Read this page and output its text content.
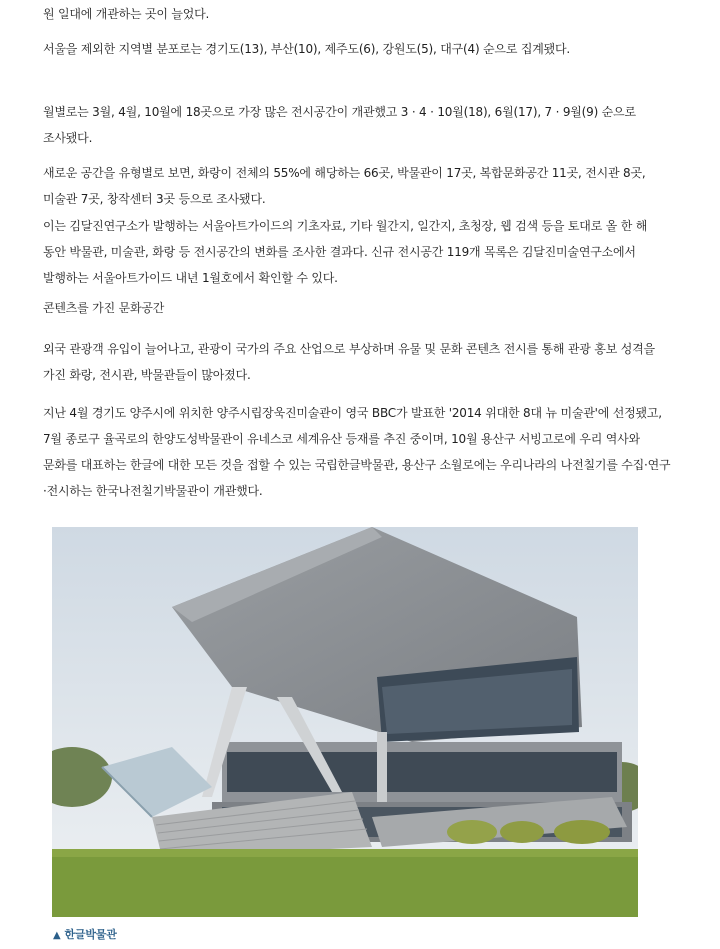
원 일대에 개관하는 곳이 늘었다.

서울을 제외한 지역별 분포로는 경기도(13), 부산(10), 제주도(6), 강원도(5), 대구(4) 순으로 집계됐다.

월별로는 3월, 4월, 10월에 18곳으로 가장 많은 전시공간이 개관했고 3 · 4 · 10월(18), 6월(17), 7 · 9월(9) 순으로 조사됐다.

새로운 공간을 유형별로 보면, 화랑이 전체의 55%에 해당하는 66곳, 박물관이 17곳, 복합문화공간 11곳, 전시관 8곳, 미술관 7곳, 창작센터 3곳 등으로 조사됐다.

이는 김달진연구소가 발행하는 서울아트가이드의 기초자료, 기타 월간지, 일간지, 초청장, 웹 검색 등을 토대로 올 한 해 동안 박물관, 미술관, 화랑 등 전시공간의 변화를 조사한 결과다. 신규 전시공간 119개 목록은 김달진미술연구소에서 발행하는 서울아트가이드 내년 1월호에서 확인할 수 있다.

콘텐츠를 가진 문화공간

외국 관광객 유입이 늘어나고, 관광이 국가의 주요 산업으로 부상하며 유물 및 문화 콘텐츠 전시를 통해 관광 홍보 성격을 가진 화랑, 전시관, 박물관들이 많아졌다.

지난 4월 경기도 양주시에 위치한 양주시립장욱진미술관이 영국 BBC가 발표한 '2014 위대한 8대 뉴 미술관'에 선정됐고, 7월 종로구 율곡로의 한양도성박물관이 유네스코 세계유산 등재를 추진 중이며, 10월 용산구 서빙고로에 우리 역사와 문화를 대표하는 한글에 대한 모든 것을 접할 수 있는 국립한글박물관, 용산구 소월로에는 우리나라의 나전칠기를 수집·연구·전시하는 한국나전칠기박물관이 개관했다.

▲ 한글박물관
